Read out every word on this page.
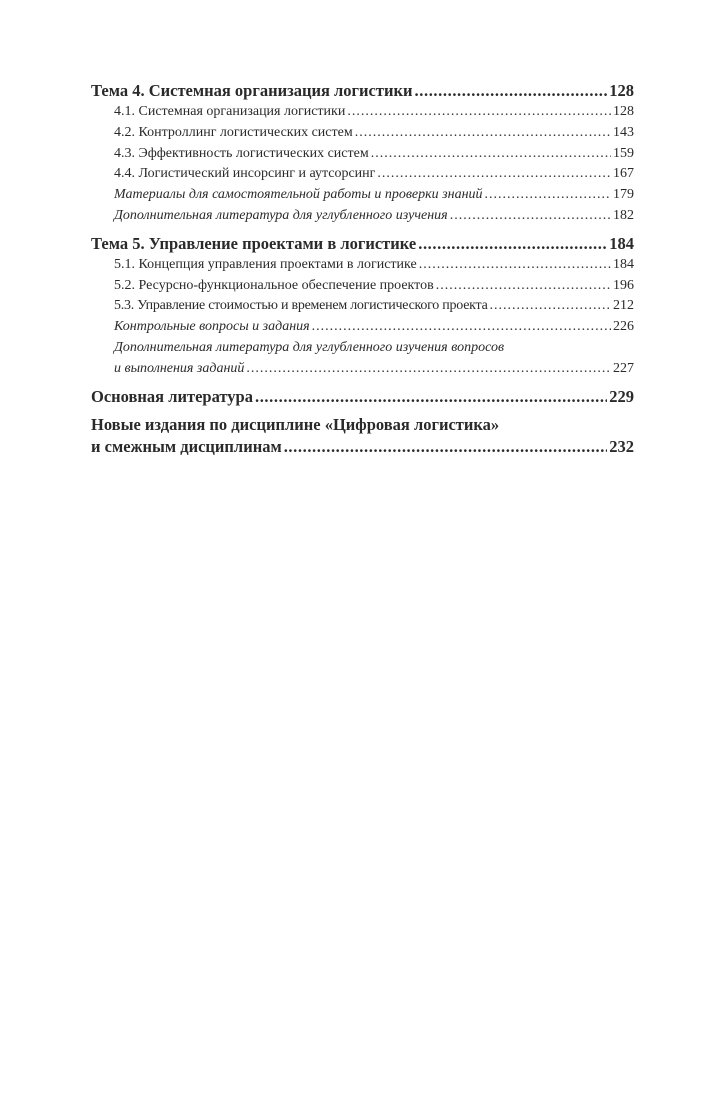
Тема 4. Системная организация логистики .....	128
4.1. Системная организация логистики .....	128
4.2. Контроллинг логистических систем .....	143
4.3. Эффективность логистических систем .....	159
4.4. Логистический инсорсинг и аутсорсинг .....	167
Материалы для самостоятельной работы и проверки знаний .....	179
Дополнительная литература для углубленного изучения .....	182
Тема 5. Управление проектами в логистике .....	184
5.1. Концепция управления проектами в логистике .....	184
5.2. Ресурсно-функциональное обеспечение проектов .....	196
5.3. Управление стоимостью и временем логистического проекта .....	212
Контрольные вопросы и задания .....	226
Дополнительная литература для углубленного изучения вопросов
и выполнения заданий .....	227
Основная литература .....	229
Новые издания по дисциплине «Цифровая логистика»
и смежным дисциплинам .....	232
